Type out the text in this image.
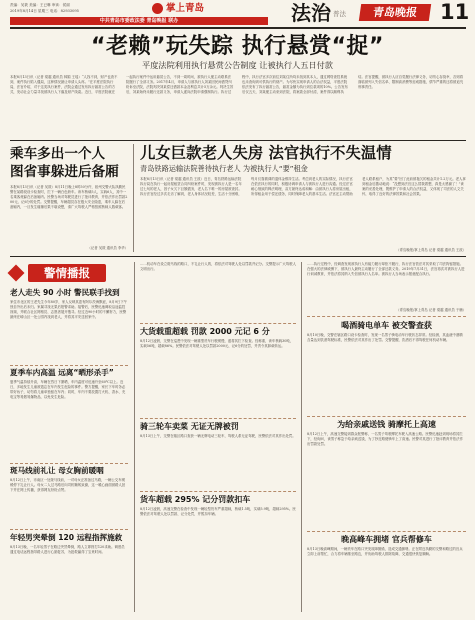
责编：吴筱 美编：王已琳 审读：侯丽
2019年8月14日 星期三 电话：82933095	掌上青岛	法治 普法	青岛晚报	11
中共青岛市委政法委 青岛晚报 联办
“老赖”玩失踪 执行悬赏“捉”
平度法院利用执行悬赏公告制度 让被执行人五日付款
本报8月13日讯（记者 梁越 通讯员 林娟 王瑶）“人找不到，财产也查不到，案件执行陷入僵局，这种情况最让申请人头疼。”在平度法院执行局，法官介绍，对于这类执行案件，法院会通过发布执行悬赏公告的方式，发动社会力量寻找被执行人下落及财产线索。近日，平度法院就在一起执行案件中运用悬赏公告，不到一周时间，被执行人便主动联系法院履行了全部义务。2017年4月，申请人与被执行人刘某因民间借贷纠纷诉至法院，法院判决刘某偿还借款本金及利息共计5万余元。判决生效后，刘某始终未履行还款义务，申请人遂向法院申请强制执行。执行过程中，执行法官多次前往刘某住所均未找到其本人，通过网络查控系统也未查询到可供执行的财产。为尽快实现申请人的合法权益，平度法院依法发布了执行悬赏公告，悬赏金额为执行到位款项的10%。公告发布后仅五天，刘某便主动来到法院，将案款全部付清，案件得以顺利执结。法官提醒，被执行人应自觉履行法律义务，切勿心存侥幸，否则将面临被列入失信名单、限制高消费等惩戒措施，情节严重的还将被追究刑事责任。
乘车多出一个人
图省事躲进后备厢
本报8月13日讯（记者 吴筱）8月11日晚上8时50分许，胶州交警大队执勤民警在某路段设卡检查时，拦下一辆白色轿车。该车核载5人，实载6人，其中一名乘客竟躲在后备厢内。民警当场对驾驶员进行了批评教育，并依法作出罚款200元、记6分的处罚。交警提醒，车辆超员存在极大安全隐患，乘车人躲在后备厢内，一旦发生碰撞后果不堪设想，请广大驾驶人严格按照核载人数载客。
（记者 吴筱 通讯员 李华）
儿女巨款老人失房 法官执行不失温情
青岛铁路运输法院善待执行老人 为被执行人“要”租金
本报8月13日讯（记者 梁越 通讯员 王波）近日，青岛铁路运输法院执行局在执行一起房屋租赁合同纠纷案件时，发现被执行人是一名年过七旬的老人，因子女欠下巨额债务，老人名下唯一的房屋被查封。执行法官经过多次走访了解到，老人身体状况较差，生活十分困难，每月仅靠微薄的退休金维持生活。考虑到老人的实际情况，执行法官在依法执行的同时，积极协调申请人与被执行人进行沟通。经过法官耐心细致的释法明理，双方最终达成和解：由被执行人将房屋出租，所得租金用于偿还债务，同时保障老人的基本生活。法官还主动帮助老人联系租户，为其“要”回了此前被拖欠的租金共计1.2万元。老人拿到租金后激动地说：“没想到法官这么替我着想，真是太感谢了！”该案的妥善处理，既维护了申请人的合法权益，又体现了司法的人文关怀，取得了良好的法律效果和社会效果。
（青岛晚报/掌上青岛 记者 梁越 通讯员 王波）
警情播报
老人走失 90 小时 警民联手找到
家住市北区的王老先生今年80岁，家人反映其患有阿尔茨海默症，8月9日下午独自外出后未归。家属寻找无果后报警求助。接警后，民警迅速调取沿途监控视频，并联合社区网格员、志愿者展开搜寻。经过近90小时的不懈努力，民警最终在崂山区一处公园内找到老人，并将其平安送回家中。
夏季车内高温 远离“晒形杀手”
夏季气温持续升高，车辆在烈日下暴晒，车内温度可迅速升至60℃以上。近日，多地发生儿童被遗忘在车内发生危险的事件。警方提醒，家长下车时务必带好孩子，切勿将儿童单独留在车内；同时，车内不要放置打火机、香水、充电宝等易燃易爆物品，以免发生危险。
斑马线前礼让 母女胸前暖咽
8月12日上午，市南区一处斑马线前，一对母女正准备过马路，一辆公交车缓缓停下礼让行人。母女二人过马路后向司机鞠躬致谢，这一暖心画面被路人拍下并在网上传播，获得网友纷纷点赞。
年轻男突晕倒 120 远程指挥施救
8月13日晚，一名年轻男子在路边突然晕倒，路人立即拨打120求助。调度员通过电话远程指导路人进行心肺复苏，为抢救赢得了宝贵时间。
……机动车在设立斑马线的路口，不礼让行人的，将依法对驾驶人处以罚款并记分。交警提示广大驾驶人文明出行。
大货载重超载 罚款 2000 元记 6 分
8月12日凌晨，交警在巡逻中发现一辆重型货车行驶缓慢，遂将其拦下检查。经称重，该车核载30吨，实载56吨，超载86%。民警依法对驾驶人处以罚款2000元、记6分的处罚，并责令其卸载转运。
骑三轮车卖菜 无证无牌被罚
8月13日上午，交警在辖区路口查获一辆无牌电动三轮车，驾驶人系无证驾驶，民警依法对其作出处罚。
货车超载 295% 记分罚款扣车
8月12日凌晨，高速交警在检查中发现一辆轻型货车严重超载，核载1.5吨，实载5.9吨，超载295%。民警依法对驾驶人处以罚款、记分处罚，并暂扣车辆。
……执行过程中，经调查发现被执行人有能力履行却拒不履行，执行法官依法对其采取了司法拘留措施。在强大的法律威慑下，被执行人最终主动履行了全部还款义务。2019年7月31日，法官再次对被执行人进行训诫教育，并依法将其纳入失信被执行人名单。被执行人当场表示愿意配合执行。
（青岛晚报/掌上青岛 记者 梁越 通讯员 于楠）
喝酒骑电单车 被交警查获
8月10日晚，交警在辖区路口设卡检查时，发现一名男子骑电动车行驶状态异常。经检测，其血液中酒精含量达到饮酒驾驶标准，民警依法对其作出了处罚。交警提醒，饮酒后不得驾驶任何机动车辆。
为给亲戚送钱 骑摩托上高速
8月12日上午，高速交警接到群众报警称，一名男子驾驶摩托车驶入高速公路。民警迅速赶到现场将其拦下，经询问，该男子称急于给亲戚送钱，为了抄近路便骑车上了高速。民警对其进行了批评教育并依法作出罚款处罚。
晚高峰车拥堵 官兵帮修车
8月13日晚高峰期间，一辆货车在路口突发故障抛锚，造成交通拥堵。正在附近执勤的交警和路过的官兵立即上前帮忙，合力将车辆推至路边，并协助驾驶人排除故障，交通很快恢复顺畅。
